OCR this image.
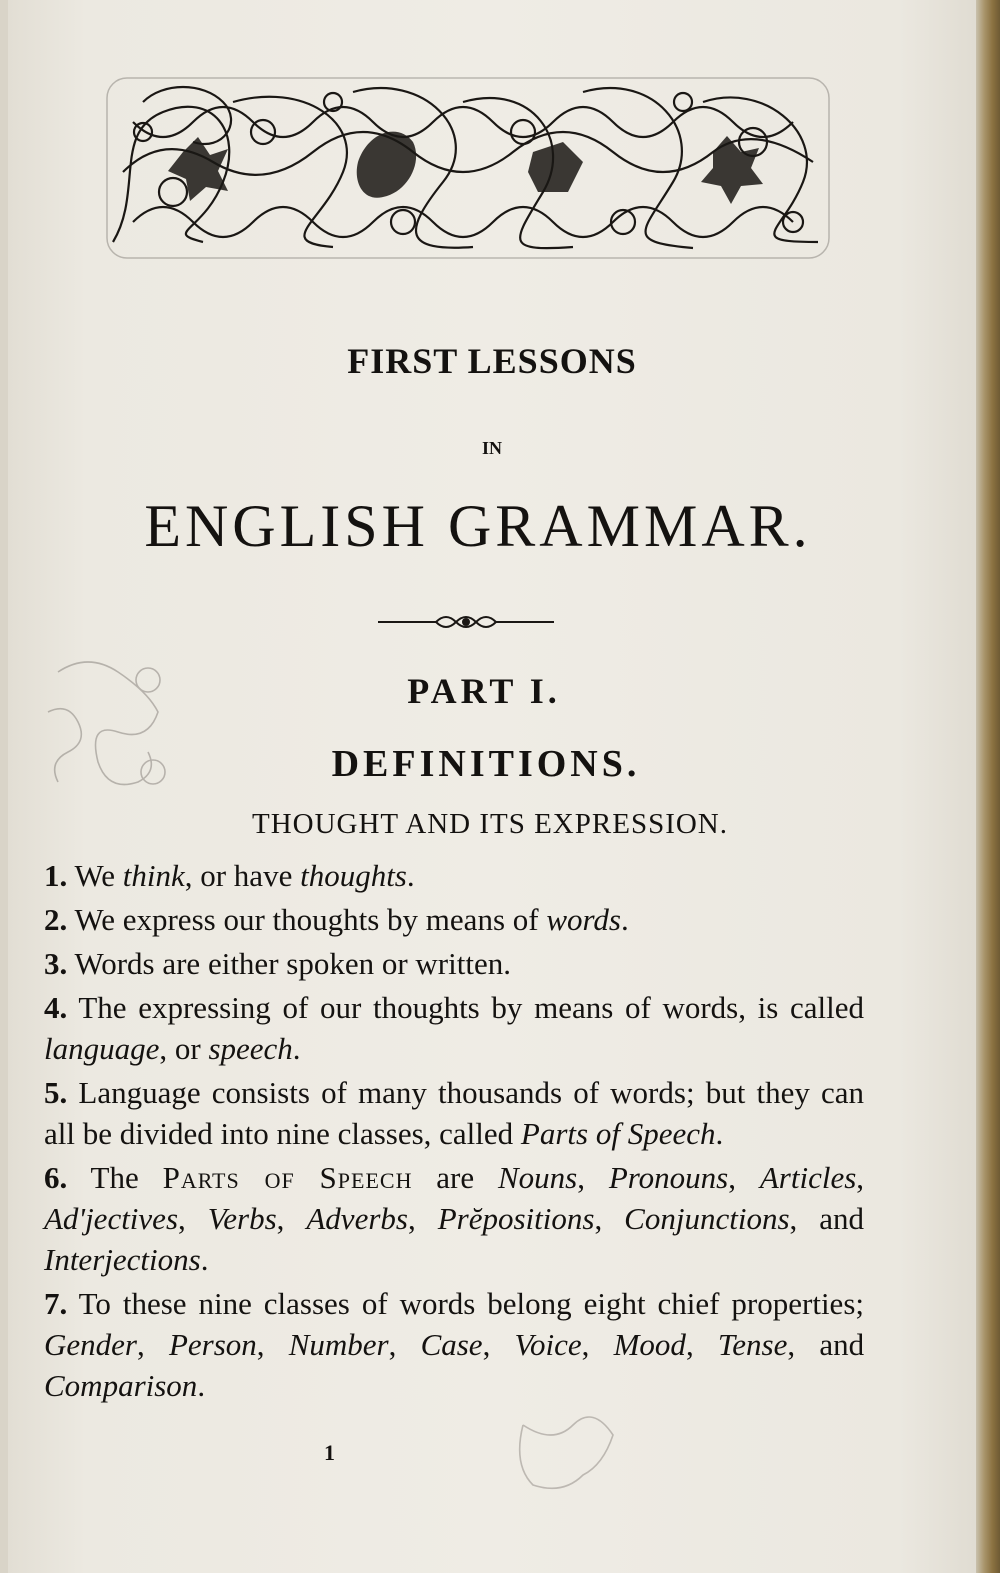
FIRST LESSONS
IN
ENGLISH GRAMMAR.
PART I.
DEFINITIONS.
THOUGHT AND ITS EXPRESSION.

1. We think, or have thoughts.

2. We express our thoughts by means of words.

3. Words are either spoken or written.

4. The expressing of our thoughts by means of words, is called language, or speech.

5. Language consists of many thousands of words; but they can all be divided into nine classes, called Parts of Speech.

6. The Parts of Speech are Nouns, Pronouns, Articles, Ad'jectives, Verbs, Adverbs, Prĕpositions, Conjunctions, and Interjections.

7. To these nine classes of words belong eight chief properties; Gender, Person, Number, Case, Voice, Mood, Tense, and Comparison.

1
